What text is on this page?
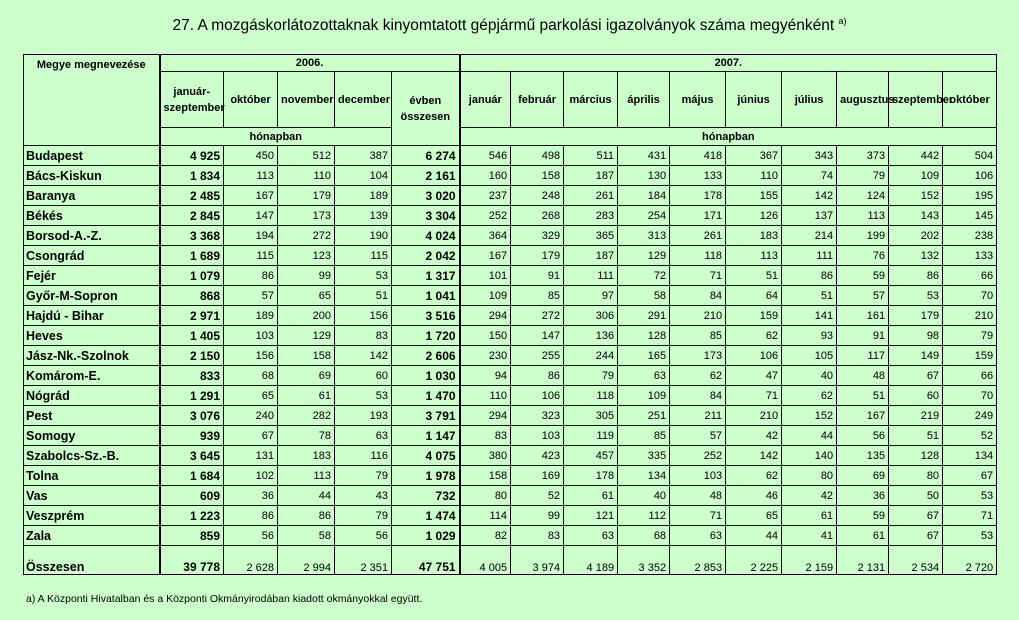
27. A mozgáskorlátozottaknak kinyomtatott gépjármű parkolási igazolványok száma megyénként $^{a)}$
Megye megnevezése	2006.					2007.									
	január-szeptember	október	november	december	évben összesen	január	február	március	április	május	június	július	augusztus	szeptember	október
	hónapban					hónapban									
Budapest	4 925	450	512	387	6 274	546	498	511	431	418	367	343	373	442	504
Bács-Kiskun	1 834	113	110	104	2 161	160	158	187	130	133	110	74	79	109	106
Baranya	2 485	167	179	189	3 020	237	248	261	184	178	155	142	124	152	195
Békés	2 845	147	173	139	3 304	252	268	283	254	171	126	137	113	143	145
Borsod-A.-Z.	3 368	194	272	190	4 024	364	329	365	313	261	183	214	199	202	238
Csongrád	1 689	115	123	115	2 042	167	179	187	129	118	113	111	76	132	133
Fejér	1 079	86	99	53	1 317	101	91	111	72	71	51	86	59	86	66
Győr-M-Sopron	868	57	65	51	1 041	109	85	97	58	84	64	51	57	53	70
Hajdú - Bihar	2 971	189	200	156	3 516	294	272	306	291	210	159	141	161	179	210
Heves	1 405	103	129	83	1 720	150	147	136	128	85	62	93	91	98	79
Jász-Nk.-Szolnok	2 150	156	158	142	2 606	230	255	244	165	173	106	105	117	149	159
Komárom-E.	833	68	69	60	1 030	94	86	79	63	62	47	40	48	67	66
Nógrád	1 291	65	61	53	1 470	110	106	118	109	84	71	62	51	60	70
Pest	3 076	240	282	193	3 791	294	323	305	251	211	210	152	167	219	249
Somogy	939	67	78	63	1 147	83	103	119	85	57	42	44	56	51	52
Szabolcs-Sz.-B.	3 645	131	183	116	4 075	380	423	457	335	252	142	140	135	128	134
Tolna	1 684	102	113	79	1 978	158	169	178	134	103	62	80	69	80	67
Vas	609	36	44	43	732	80	52	61	40	48	46	42	36	50	53
Veszprém	1 223	86	86	79	1 474	114	99	121	112	71	65	61	59	67	71
Zala	859	56	58	56	1 029	82	83	63	68	63	44	41	61	67	53
Összesen	39 778	2 628	2 994	2 351	47 751	4 005	3 974	4 189	3 352	2 853	2 225	2 159	2 131	2 534	2 720
a) A Központi Hivatalban és a Központi Okmányirodában kiadott okmányokkal együtt.
